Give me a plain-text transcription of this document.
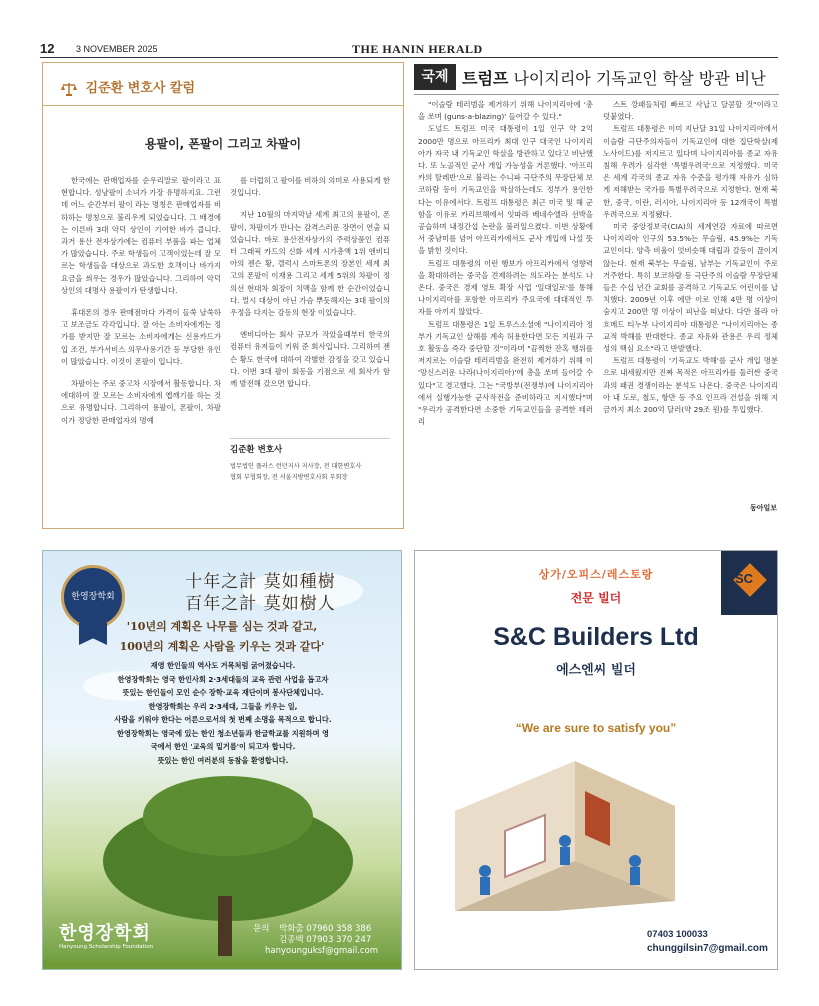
12 3 NOVEMBER 2025	THE HANIN HERALD
김준환 변호사 칼럼
용팔이, 폰팔이 그리고 차팔이

한국에는 판매업자를 순우리말로 팔이라고 표현합니다. 성냥팔이 소녀가 가장 유명하지요. 그런데 어느 순간부터 팔이 라는 명칭은 판매업자를 비하하는 명칭으로 불리우게 되었습니다. 그 배경에는 이른바 3대 악덕 상인이 기여한 바가 큽니다. 과거 용산 전자상가에는 컴퓨터 부품을 파는 업체가 많았습니다. 주로 학생들이 고객이었는데 잘 모르는 학생들을 대상으로 과도한 호객이나 바가지 요금을 씌우는 경우가 많았습니다. 그리하여 악덕상인의 대명사 용팔이가 탄생합니다.

휴대폰의 경우 판매점마다 가격이 들쑥 날쑥하고 보조금도 각각입니다. 잘 아는 소비자에게는 정가를 받지만 잘 모르는 소비자에게는 신용카드가입 조건, 부가서비스 의무사용기간 등 부당한 유인이 많았습니다. 이것이 폰팔이 입니다.

차팔이는 주로 중고차 시장에서 활동합니다. 차에대하여 잘 모르는 소비자에게 옙깨기를 하는 것으로 유명합니다. 그리하여 용팔이, 폰팔이, 차팔이가 정당한 판매업자의 명예

를 더럽히고 팔이를 비하의 의미로 사용되게 한 것입니다.

지난 10월의 마지막날 세계 최고의 용팔이, 폰팔이, 차팔이가 만나는 감격스러운 장면이 연출 되었습니다. 바로 용산전자상가의 주력상품인 컴퓨터 그래픽 카드의 신화 세계 시가총액 1위 엔비디아의 젠슨 황, 갤럭시 스마트폰의 장본인 세계 최고의 폰팔이 이재용 그리고 세계 5위의 차팔이 정의선 현대차 회장이 치맥을 함께 한 순간이었습니다. 멀시 대상이 아닌 가슴 뿌듯해지는 3대 팔이의 우정을 다지는 감동의 현장 이었습니다.

엔비디아는 회사 규모가 작았을때부터 한국의 컴퓨터 유저들이 키워 준 회사입니다. 그리하여 젠슨 황도 한국에 대하여 각별한 감정을 갖고 있습니다. 이번 3대 팔이 회동을 기점으로 세 회사가 함께 발전해 갔으면 합니다.

김준환 변호사
법무법인 플러스 런던지사 지사장, 전 대한변호사
협회 부협회장, 전 서울지방변호사회 부회장
국제 트럼프 나이지리아 기독교인 학살 방관 비난

"이슬람 테러범을 제거하기 위해 나이지리아에 '총을 쏘며 (guns-a-blazing)' 들어갈 수 있다."

도널드 트럼프 미국 대통령이 1일 인구 약 2억 2000만 명으로 아프리카 최대 인구 대국인 나이지리아가 자국 내 기독교인 학살을 방관하고 있다고 비난했다. 또 노골적인 군사 개입 가능성을 거론했다. '아프리카의 탈레반'으로 불리는 수니파 극단주의 무장단체 보코하람 등이 기독교인을 학살하는데도 정부가 용인한다는 이유에서다. 트럼프 대통령은 최근 미국 및 해 군함을 이유로 카리브해에서 잇따라 베네수엘라 선박을 공습하며 내정간섭 논란을 불러일으켰다. 이번 상황에서 중남미를 넘어 아프리카에서도 군사 개입에 나설 뜻을 밝힌 것이다.

트럼프 대통령의 이런 행보가 아프리카에서 영향력을 확대하려는 중국을 견제하려는 의도라는 분석도 나온다. 중국은 경제 영토 확장 사업 '일대일로'를 통해 나이지리아를 포함한 아프리카 주요국에 대대적인 투자를 아끼지 않았다.

트럼프 대통령은 1일 트루스소셜에 "나이지리아 정부가 기독교인 살해를 계속 허용한다면 모든 지원과 구호 활동을 즉각 중단할 것"이라며 "끔찍한 잔혹 행위를 저지르는 이슬람 테러리범을 완전히 제거하기 위해 이 '망신스러운 나라(나이지리아)'에 총을 쏘며 들어갈 수 있다"고 경고했다. 그는 "국방부(전쟁부)에 나이지리아에서 실행가능한 군사작전을 준비하라고 지시했다"며 "우리가 공격한다면 소중한 기독교인들을 공격한 테러리

스트 깡패들처럼 빠르고 사납고 달콤할 것"이라고 덧붙였다.

트럼프 대통령은 이미 지난달 31일 나이지리아에서 이슬람 극단주의자들이 기독교인에 대한 집단학살(제노사이드)를 저지르고 있다며 나이지리아를 종교 자유 침해 우려가 심각한 '특별우려국'으로 지정했다. 미국은 세계 각국의 종교 자유 수준을 평가해 자유가 심하게 저해받는 국가를 특별우려국으로 지정한다. 현재 북한, 중국, 이란, 러시아, 나이지리아 등 12개국이 특별우려국으로 지정됐다.

미국 중앙정보국(CIA)의 세계연감 자료에 따르면 나이지리아 인구의 53.5%는 무슬림, 45.9%는 기독교인이다. 양측 비율이 엇비슷해 대립과 갈등이 끊이지 않는다. 현재 북부는 무슬림, 남부는 기독교인이 주로 거주한다. 특히 보코하람 등 극단주의 이슬람 무장단체들은 수십 년간 교회를 공격하고 기독교도 어린이를 납치했다. 2009년 이후 에만 이로 인해 4만 명 이상이 숨지고 200만 명 이상이 피난을 떠났다. 다만 볼라 아흐메드 티누부 나이지리아 대통령은 "나이지리아는 종교적 박해를 반대한다. 종교 자유와 관용은 우리 정체성의 핵심 요소"라고 반발했다.

트럼프 대통령이 '기독교도 박해'를 군사 개입 명분으로 내세웠지만 진짜 목적은 아프리카를 둘러싼 중국과의 패권 경쟁이라는 분석도 나온다. 중국은 나이지리아 내 도로, 철도, 항만 등 주요 인프라 건설을 위해 지금까지 최소 200억 달러(약 29조 원)를 투입했다.

동아일보
한영장학회
十年之計 莫如種樹
百年之計 莫如樹人
'10년의 계획은 나무를 심는 것과 같고,
100년의 계획은 사람을 키우는 것과 같다'
재영 한인들의 역사도 거목처럼 굵어졌습니다.
한영장학회는 영국 한인사회 2·3세대들의 교육 관련 사업을 돕고자
뜻있는 한인들이 모인 순수 장학·교육 재단이며 봉사단체입니다.
한영장학회는 우리 2·3세대, 그들을 키우는 일,
사람을 키워야 한다는 어른으로서의 첫 번째 소명을 목적으로 합니다.
한영장학회는 영국에 있는 한인 청소년들과 한글학교를 지원하며 영
국에서 한인 '교육의 밑거름'이 되고자 합니다.
뜻있는 한인 여러분의 동참을 환영합니다.
한영장학회
Hanyoung Scholarship Foundation
문의	박화출 07960 358 386
김종백 07903 370 247
hanyounguksf@gmail.com
상가/오피스/레스토랑
전문 빌더
SC
S&C Builders Ltd
에스엔씨 빌더
“We are sure to satisfy you”
07403 100033
chunggilsin7@gmail.com
